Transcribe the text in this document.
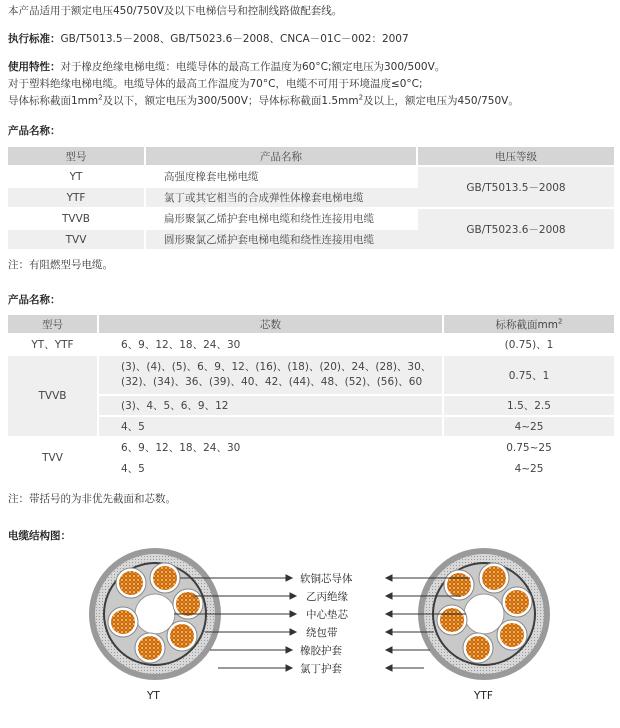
本产品适用于额定电压450/750V及以下电梯信号和控制线路做配套线。
执行标准：GB/T5013.5－2008、GB/T5023.6－2008、CNCA－01C－002：2007
使用特性：对于橡皮绝缘电梯电缆：电缆导体的最高工作温度为60°C;额定电压为300/500V。
对于塑料绝缘电梯电缆。电缆导体的最高工作温度为70°C，电缆不可用于环境温度≤0°C;
导体标称截面$1mm^2$及以下，额定电压为300/500V；导体标称截面$1.5mm^2$及以上，额定电压为450/750V。
产品名称：
型号	产品名称	电压等级
YT	高强度橡套电梯电缆	GB/T5013.5－2008
YTF	氯丁或其它相当的合成弹性体橡套电梯电缆	
TVVB	扁形聚氯乙烯护套电梯电缆和绕性连接用电缆	GB/T5023.6－2008
TVV	圆形聚氯乙烯护套电梯电缆和绕性连接用电缆	
注：有阻燃型号电缆。
产品名称：
型号	芯数	标称截面$mm^2$
YT、YTF	6、9、12、18、24、30	(0.75)、1
TVVB	(3)、(4)、(5)、6、9、12、(16)、(18)、(20)、24、(28)、30、
(32)、(34)、36、(39)、40、42、(44)、48、(52)、(56)、60	0.75、1
	(3)、4、5、6、9、12	1.5、2.5
	4、5	4~25
TVV	6、9、12、18、24、30	0.75~25
	4、5	4~25
注：带括号的为非优先截面和芯数。
电缆结构图：
软铜芯导体
乙丙绝缘
中心垫芯
绕包带
橡胶护套
氯丁护套
YT	YTF
